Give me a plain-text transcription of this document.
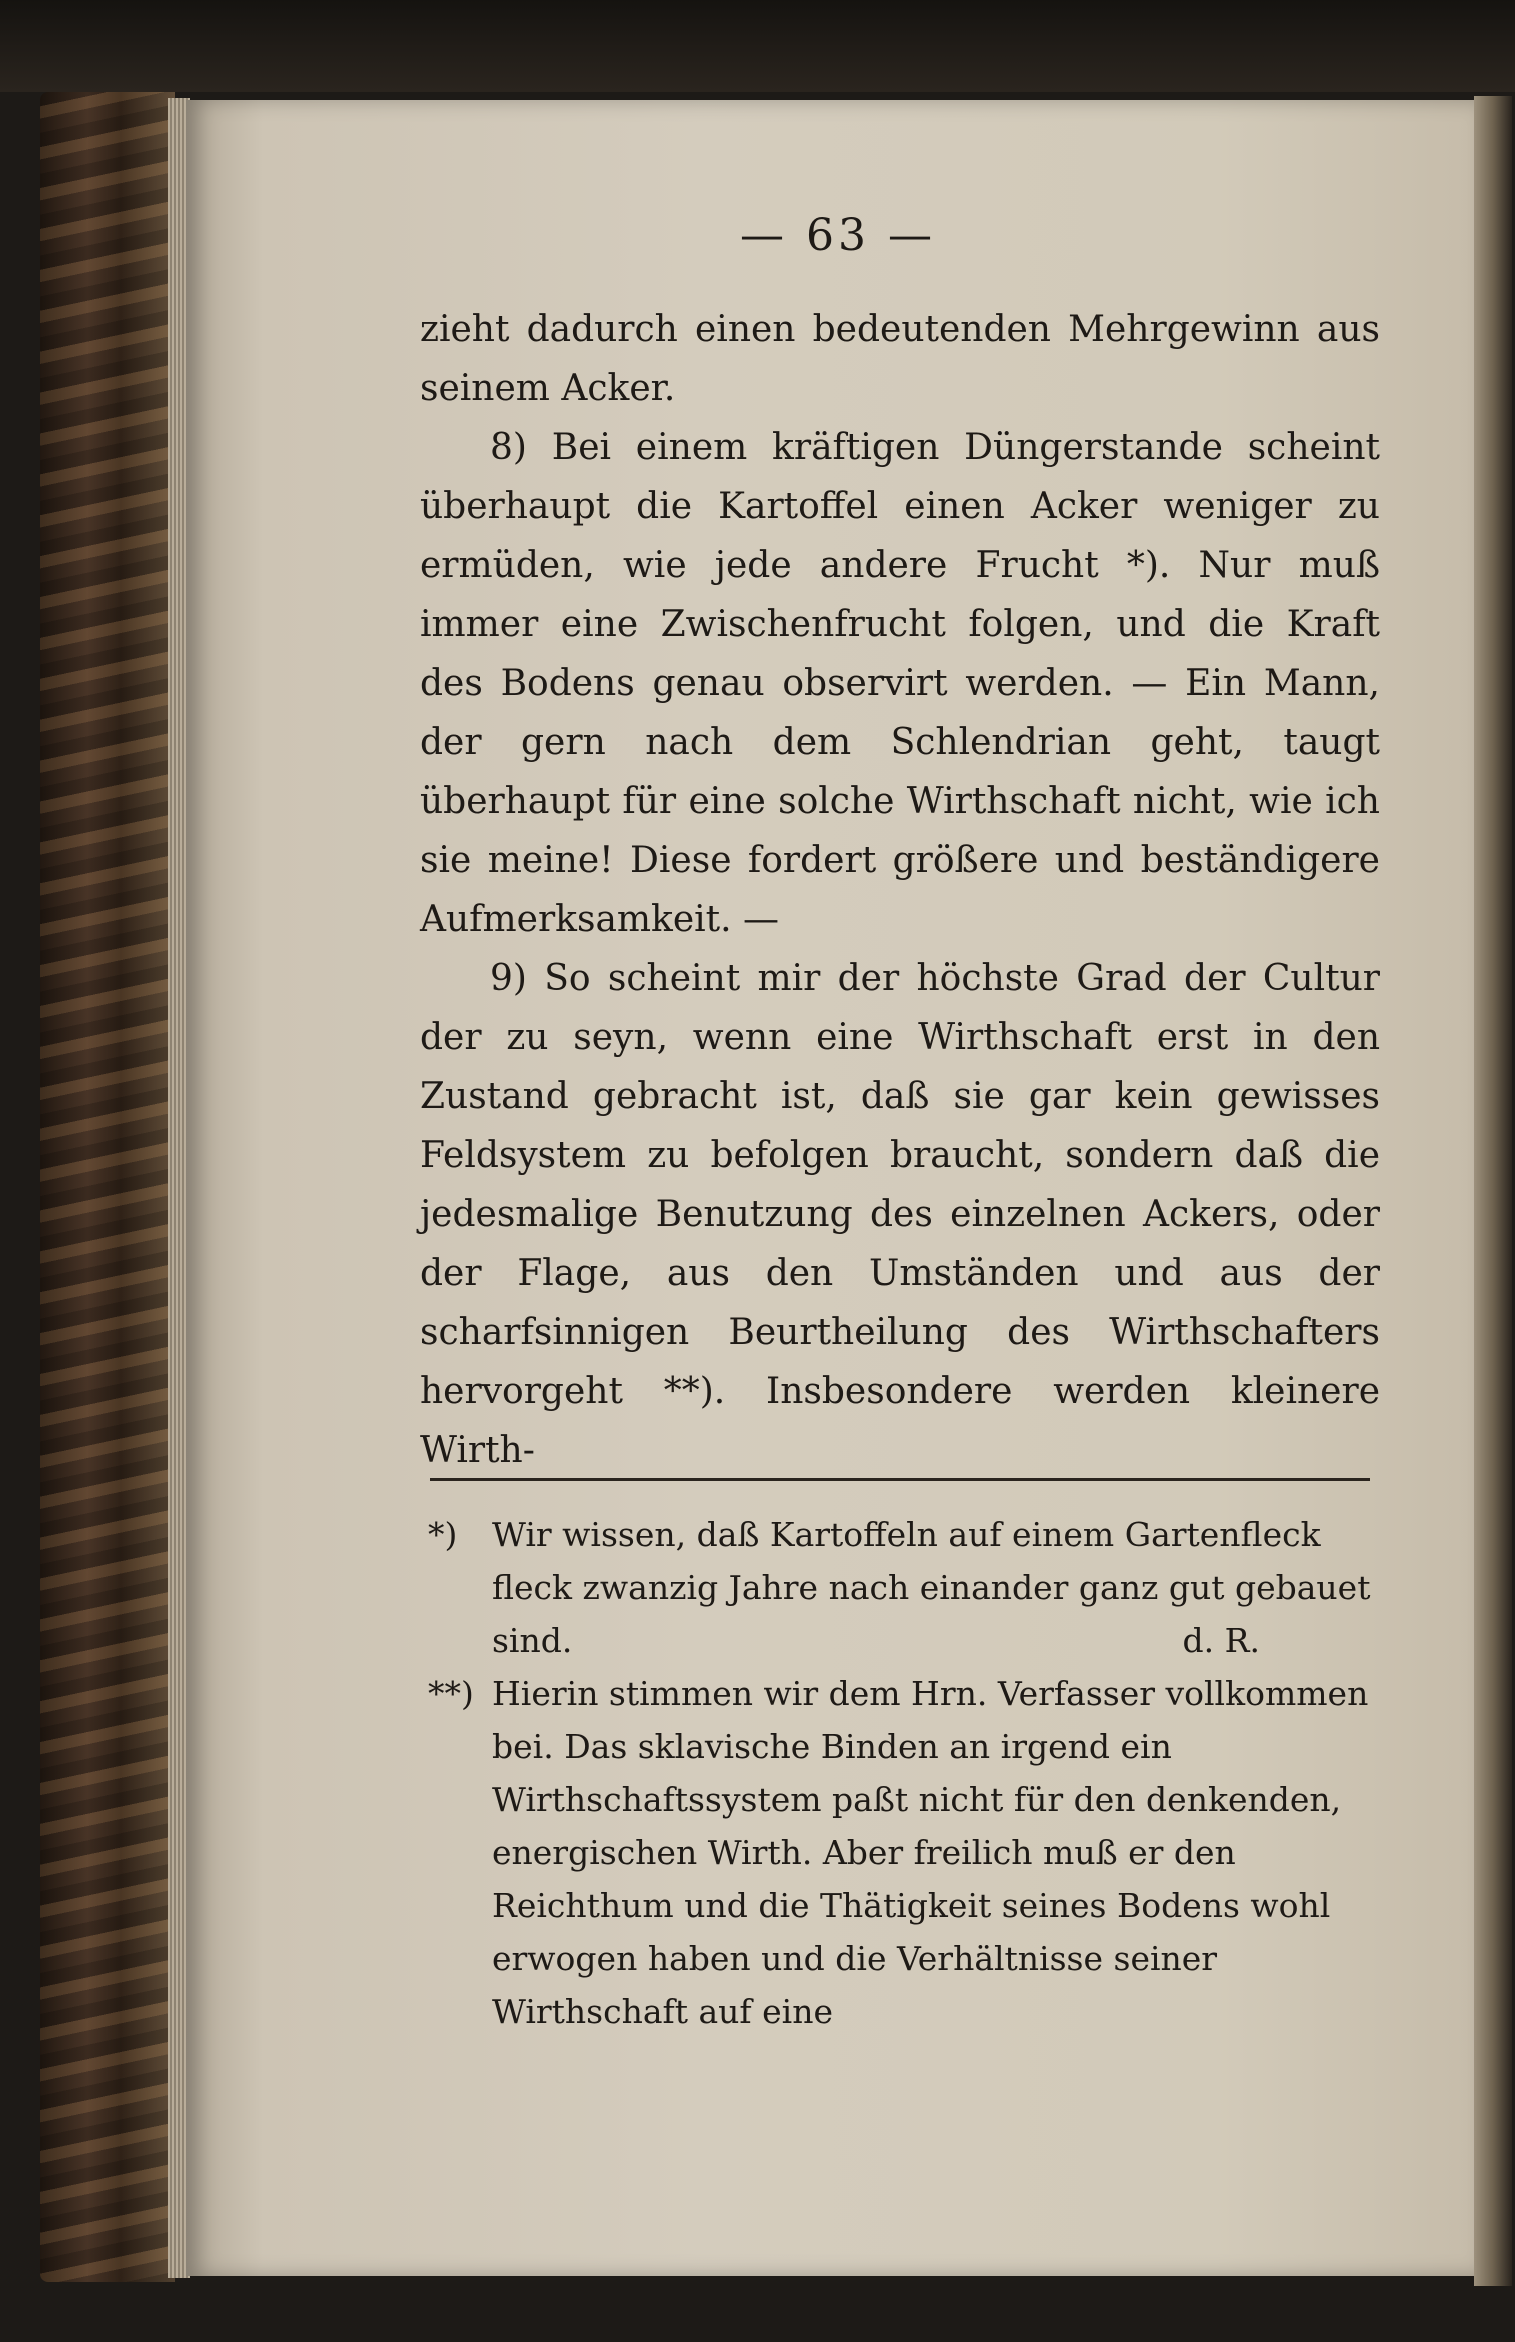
— 63 —

zieht dadurch einen bedeutenden Mehrgewinn aus seinem Acker.

8) Bei einem kräftigen Düngerstande scheint überhaupt die Kartoffel einen Acker weniger zu ermüden, wie jede andere Frucht *). Nur muß immer eine Zwischenfrucht folgen, und die Kraft des Bodens genau observirt werden. — Ein Mann, der gern nach dem Schlendrian geht, taugt überhaupt für eine solche Wirthschaft nicht, wie ich sie meine! Diese fordert größere und beständigere Aufmerksamkeit. —

9) So scheint mir der höchste Grad der Cultur der zu seyn, wenn eine Wirthschaft erst in den Zustand gebracht ist, daß sie gar kein gewisses Feldsystem zu befolgen braucht, sondern daß die jedesmalige Benutzung des einzelnen Ackers, oder der Flage, aus den Umständen und aus der scharfsinnigen Beurtheilung des Wirthschafters hervorgeht **). Insbesondere werden kleinere Wirth-

*) Wir wissen, daß Kartoffeln auf einem Gartenfleck fleck zwanzig Jahre nach einander ganz gut gebauet sind.	d. R.
**) Hierin stimmen wir dem Hrn. Verfasser vollkommen bei. Das sklavische Binden an irgend ein Wirthschaftssystem paßt nicht für den denkenden, energischen Wirth. Aber freilich muß er den Reichthum und die Thätigkeit seines Bodens wohl erwogen haben und die Verhältnisse seiner Wirthschaft auf eine
